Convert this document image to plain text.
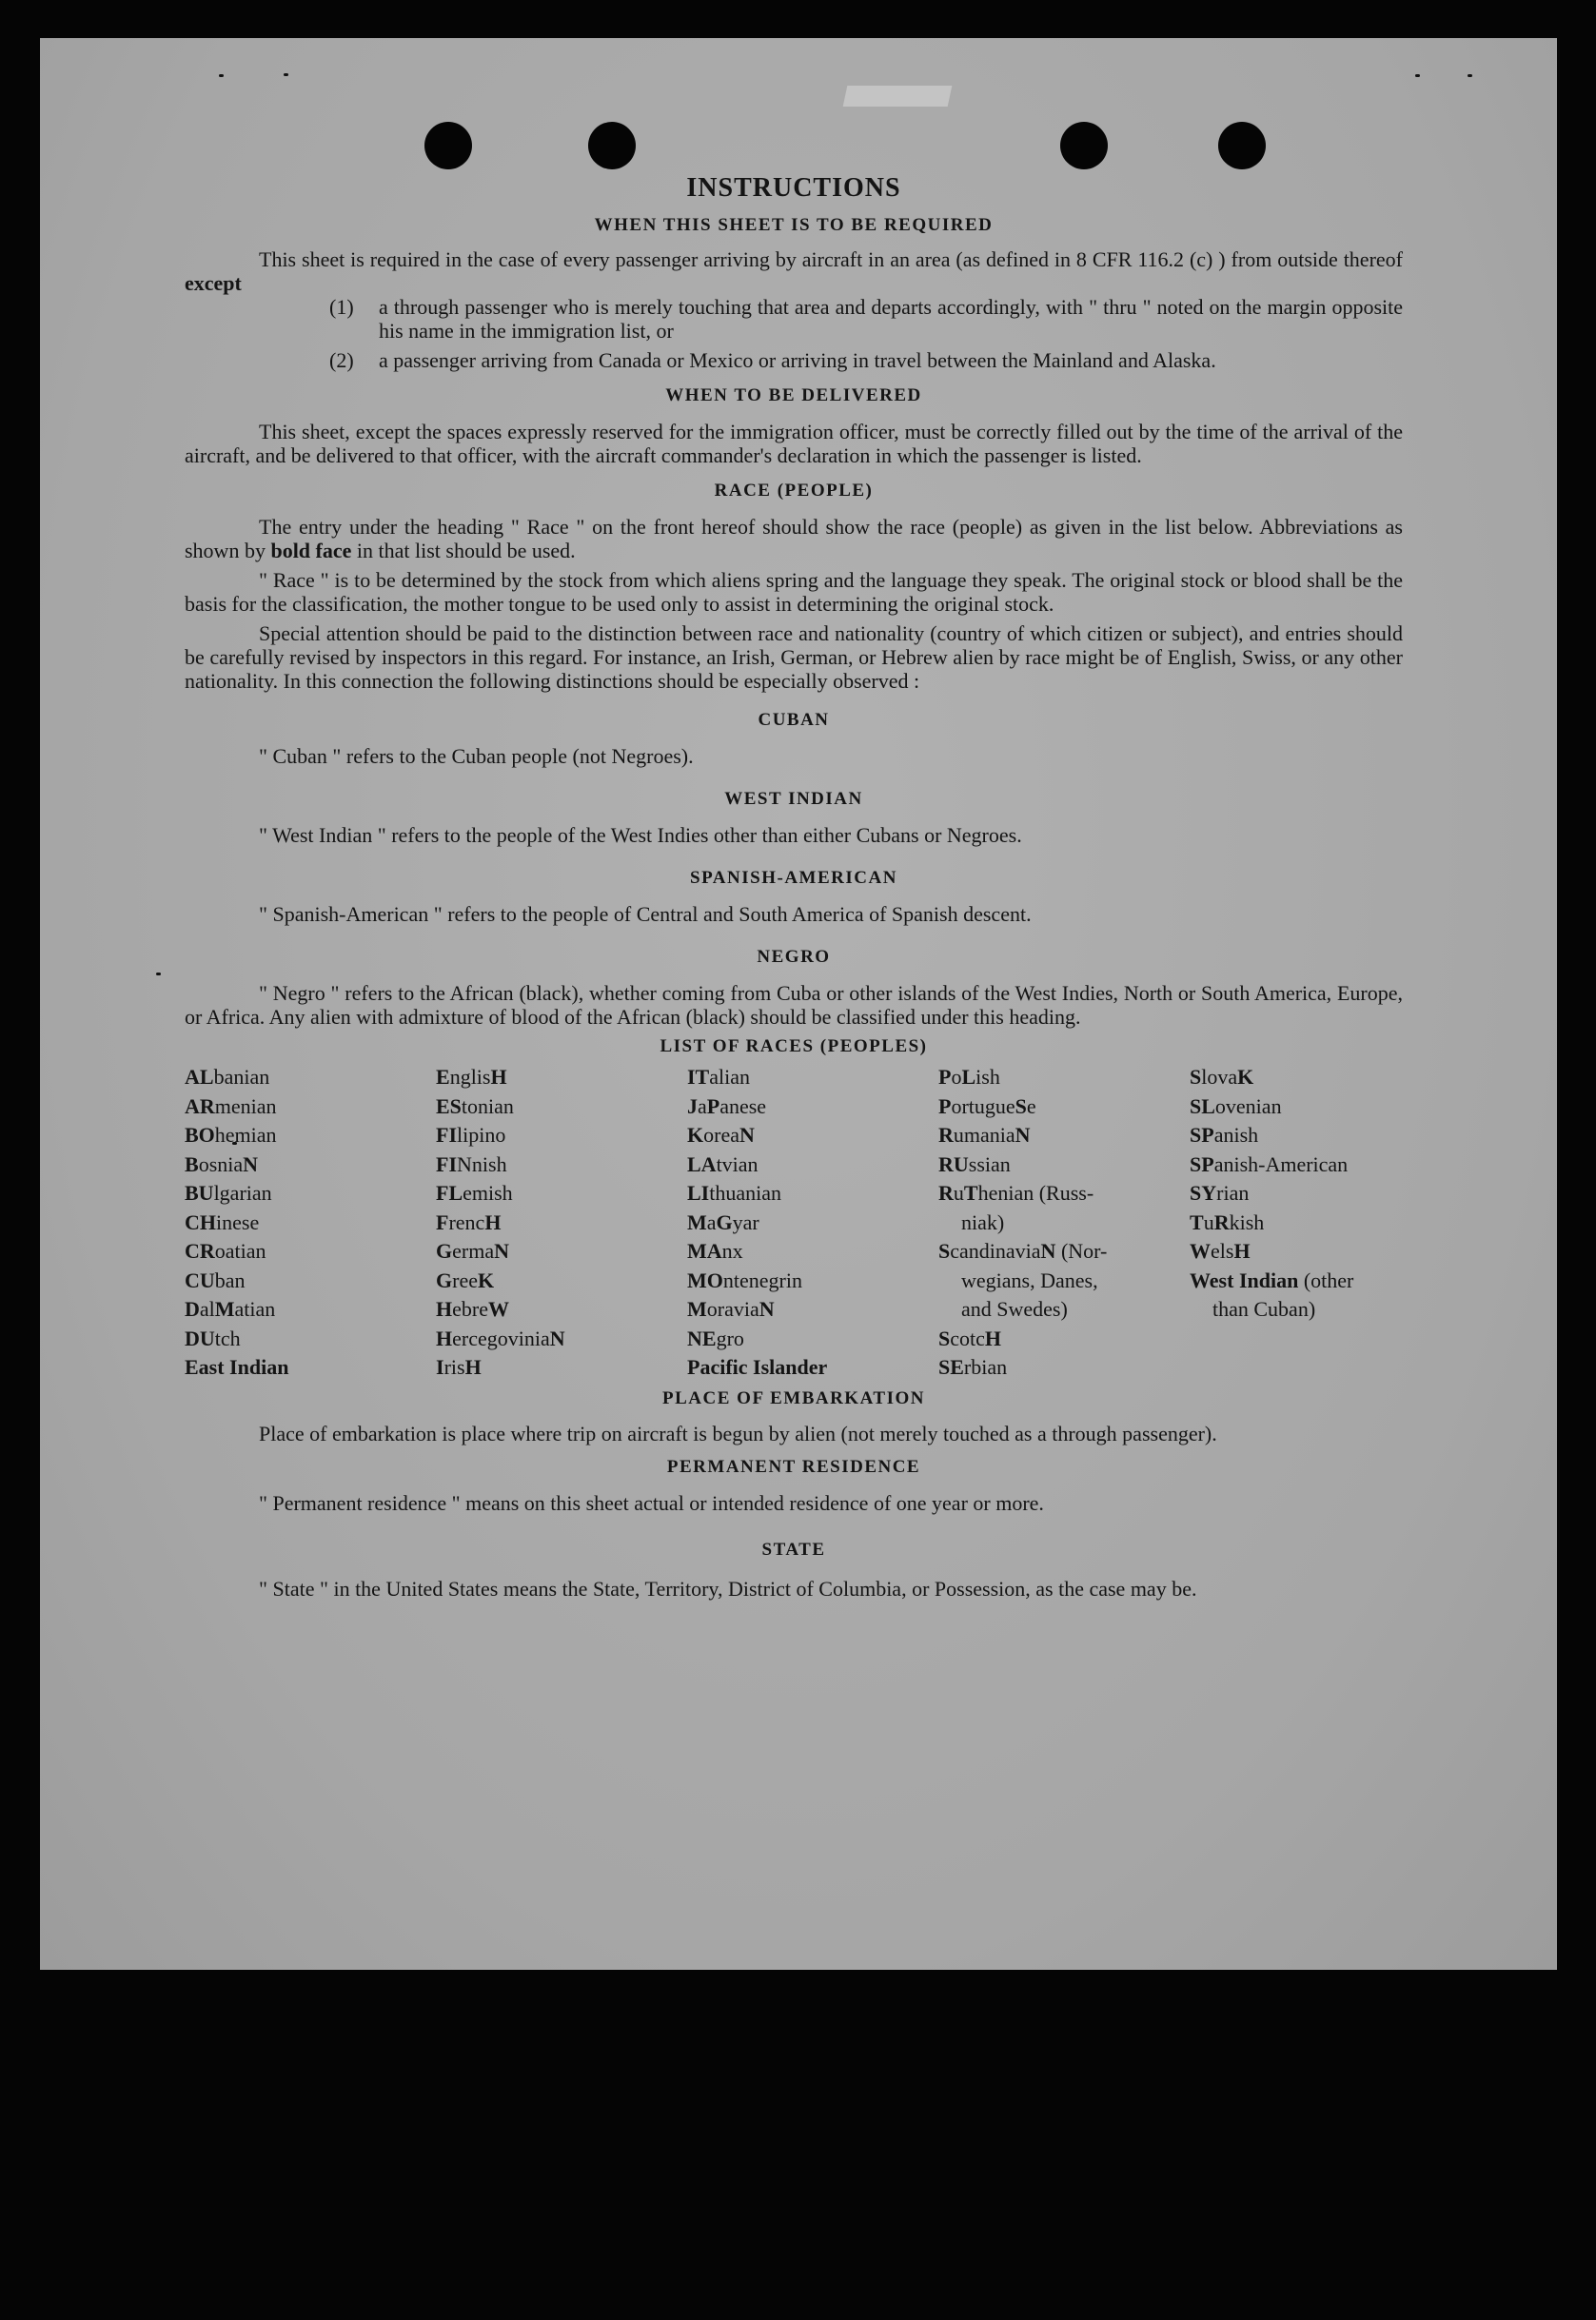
INSTRUCTIONS
WHEN THIS SHEET IS TO BE REQUIRED

This sheet is required in the case of every passenger arriving by aircraft in an area (as defined in 8 CFR 116.2 (c) ) from outside thereof except

(1)	a through passenger who is merely touching that area and departs accordingly, with " thru " noted on the margin opposite his name in the immigration list, or
(2)	a passenger arriving from Canada or Mexico or arriving in travel between the Mainland and Alaska.
WHEN TO BE DELIVERED

This sheet, except the spaces expressly reserved for the immigration officer, must be correctly filled out by the time of the arrival of the aircraft, and be delivered to that officer, with the aircraft commander's declaration in which the passenger is listed.

RACE (PEOPLE)

The entry under the heading " Race " on the front hereof should show the race (people) as given in the list below. Abbreviations as shown by bold face in that list should be used.

" Race " is to be determined by the stock from which aliens spring and the language they speak. The original stock or blood shall be the basis for the classification, the mother tongue to be used only to assist in determining the original stock.

Special attention should be paid to the distinction between race and nationality (country of which citizen or subject), and entries should be carefully revised by inspectors in this regard. For instance, an Irish, German, or Hebrew alien by race might be of English, Swiss, or any other nationality. In this connection the following distinctions should be especially observed :

CUBAN

" Cuban " refers to the Cuban people (not Negroes).

WEST INDIAN

" West Indian " refers to the people of the West Indies other than either Cubans or Negroes.

SPANISH-AMERICAN

" Spanish-American " refers to the people of Central and South America of Spanish descent.

NEGRO

" Negro " refers to the African (black), whether coming from Cuba or other islands of the West Indies, North or South America, Europe, or Africa. Any alien with admixture of blood of the African (black) should be classified under this heading.

LIST OF RACES (PEOPLES)
ALbanian
ARmenian
BOhemian
BosniaN
BUlgarian
CHinese
CRoatian
CUban
DalMatian
DUtch
East Indian
EnglisH
EStonian
FIlipino
FINnish
FLemish
FrencH
GermaN
GreeK
HebreW
HercegoviniaN
IrisH
ITalian
JaPanese
KoreaN
LAtvian
LIthuanian
MaGyar
MAnx
MOntenegrin
MoraviaN
NEgro
Pacific Islander
PoLish
PortugueSe
RumaniaN
RUssian
RuThenian (Russ-
niak)
ScandinaviaN (Nor-
wegians, Danes,
and Swedes)
ScotcH
SErbian
SlovaK
SLovenian
SPanish
SPanish-American
SYrian
TuRkish
WelsH
West Indian (other
than Cuban)
PLACE OF EMBARKATION

Place of embarkation is place where trip on aircraft is begun by alien (not merely touched as a through passenger).

PERMANENT RESIDENCE

" Permanent residence " means on this sheet actual or intended residence of one year or more.

STATE

" State " in the United States means the State, Territory, District of Columbia, or Possession, as the case may be.
